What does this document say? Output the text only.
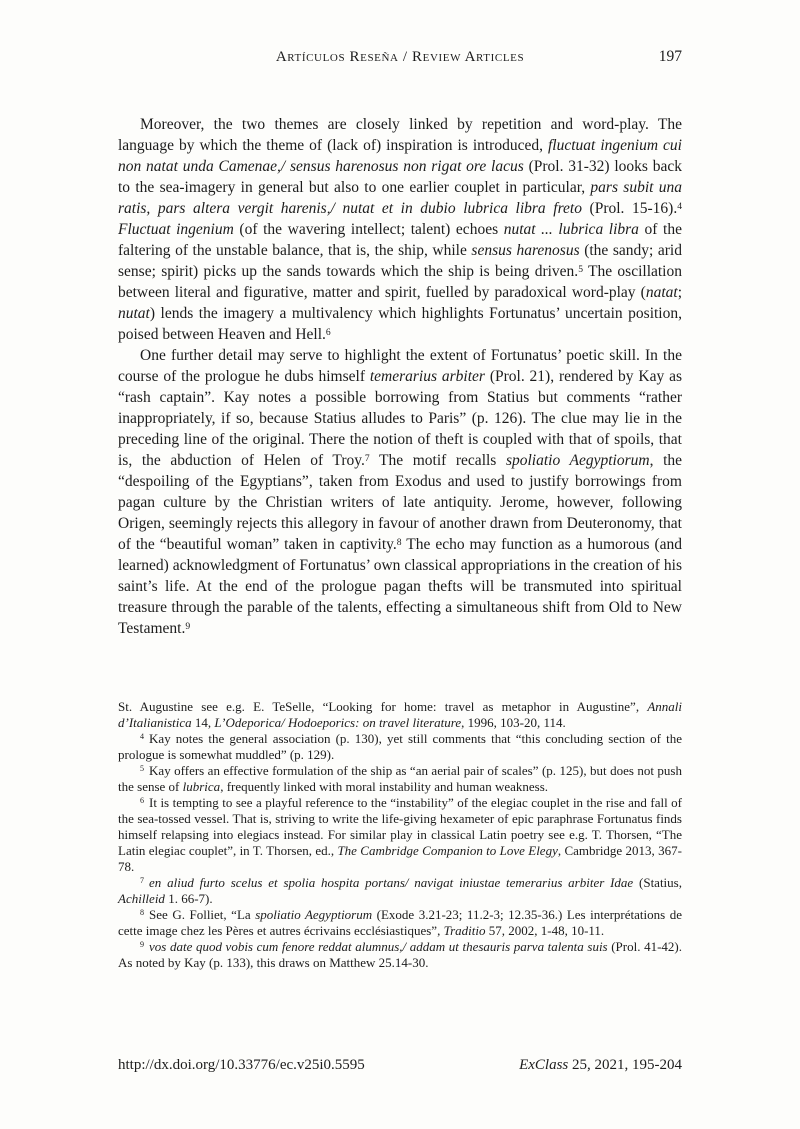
Artículos Reseña / Review Articles	197

Moreover, the two themes are closely linked by repetition and word-play. The language by which the theme of (lack of) inspiration is introduced, fluctuat ingenium cui non natat unda Camenae,/ sensus harenosus non rigat ore lacus (Prol. 31-32) looks back to the sea-imagery in general but also to one earlier couplet in particular, pars subit una ratis, pars altera vergit harenis,/ nutat et in dubio lubrica libra freto (Prol. 15-16).$^4$ Fluctuat ingenium (of the wavering intellect; talent) echoes nutat ... lubrica libra of the faltering of the unstable balance, that is, the ship, while sensus harenosus (the sandy; arid sense; spirit) picks up the sands towards which the ship is being driven.$^5$ The oscillation between literal and figurative, matter and spirit, fuelled by paradoxical word-play (natat; nutat) lends the imagery a multivalency which highlights Fortunatus’ uncertain position, poised between Heaven and Hell.$^6$

One further detail may serve to highlight the extent of Fortunatus’ poetic skill. In the course of the prologue he dubs himself temerarius arbiter (Prol. 21), rendered by Kay as “rash captain”. Kay notes a possible borrowing from Statius but comments “rather inappropriately, if so, because Statius alludes to Paris” (p. 126). The clue may lie in the preceding line of the original. There the notion of theft is coupled with that of spoils, that is, the abduction of Helen of Troy.$^7$ The motif recalls spoliatio Aegyptiorum, the “despoiling of the Egyptians”, taken from Exodus and used to justify borrowings from pagan culture by the Christian writers of late antiquity. Jerome, however, following Origen, seemingly rejects this allegory in favour of another drawn from Deuteronomy, that of the “beautiful woman” taken in captivity.$^8$ The echo may function as a humorous (and learned) acknowledgment of Fortunatus’ own classical appropriations in the creation of his saint’s life. At the end of the prologue pagan thefts will be transmuted into spiritual treasure through the parable of the talents, effecting a simultaneous shift from Old to New Testament.$^9$

St. Augustine see e.g. E. TeSelle, “Looking for home: travel as metaphor in Augustine”, Annali d’Italianistica 14, L’Odeporica/ Hodoeporics: on travel literature, 1996, 103-20, 114.

$^4$ Kay notes the general association (p. 130), yet still comments that “this concluding section of the prologue is somewhat muddled” (p. 129).

$^5$ Kay offers an effective formulation of the ship as “an aerial pair of scales” (p. 125), but does not push the sense of lubrica, frequently linked with moral instability and human weakness.

$^6$ It is tempting to see a playful reference to the “instability” of the elegiac couplet in the rise and fall of the sea-tossed vessel. That is, striving to write the life-giving hexameter of epic paraphrase Fortunatus finds himself relapsing into elegiacs instead. For similar play in classical Latin poetry see e.g. T. Thorsen, “The Latin elegiac couplet”, in T. Thorsen, ed., The Cambridge Companion to Love Elegy, Cambridge 2013, 367-78.

$^7$ en aliud furto scelus et spolia hospita portans/ navigat iniustae temerarius arbiter Idae (Statius, Achilleid 1. 66-7).

$^8$ See G. Folliet, “La spoliatio Aegyptiorum (Exode 3.21-23; 11.2-3; 12.35-36.) Les interprétations de cette image chez les Pères et autres écrivains ecclésiastiques”, Traditio 57, 2002, 1-48, 10-11.

$^9$ vos date quod vobis cum fenore reddat alumnus,/ addam ut thesauris parva talenta suis (Prol. 41-42). As noted by Kay (p. 133), this draws on Matthew 25.14-30.

http://dx.doi.org/10.33776/ec.v25i0.5595	ExClass 25, 2021, 195-204
